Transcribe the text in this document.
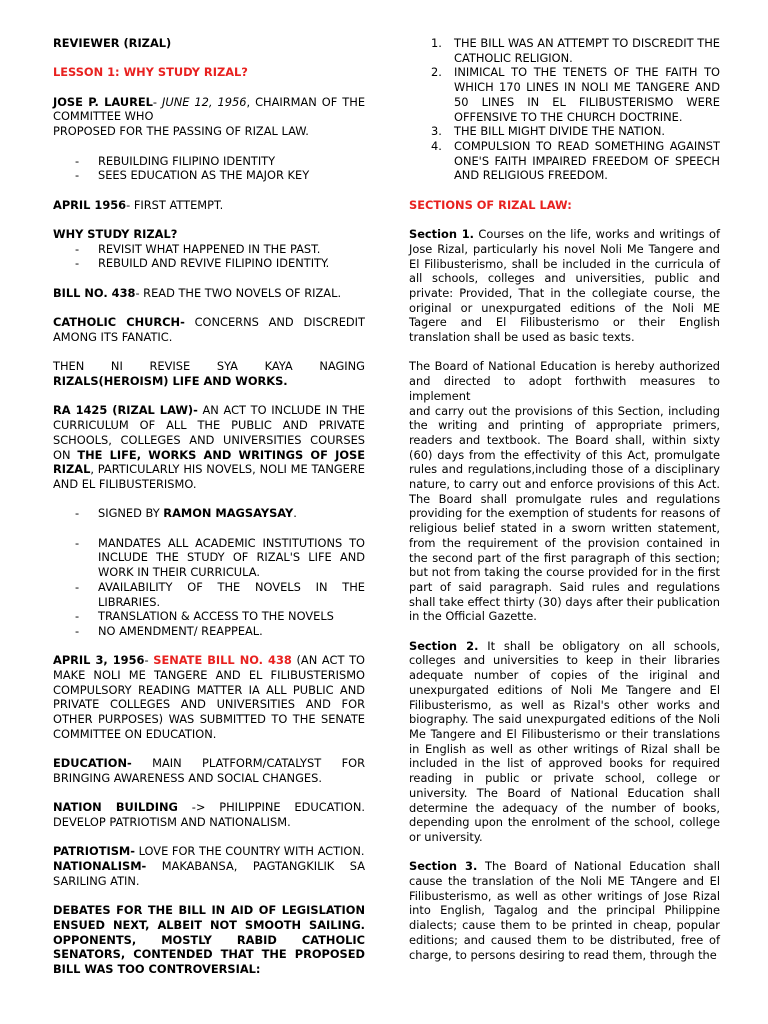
REVIEWER (RIZAL)

LESSON 1: WHY STUDY RIZAL?

JOSE P. LAUREL- JUNE 12, 1956, CHAIRMAN OF THE COMMITTEE WHO

PROPOSED FOR THE PASSING OF RIZAL LAW.

- REBUILDING FILIPINO IDENTITY
- SEES EDUCATION AS THE MAJOR KEY

APRIL 1956- FIRST ATTEMPT.

WHY STUDY RIZAL?

- REVISIT WHAT HAPPENED IN THE PAST.
- REBUILD AND REVIVE FILIPINO IDENTITY.

BILL NO. 438- READ THE TWO NOVELS OF RIZAL.

CATHOLIC CHURCH- CONCERNS AND DISCREDIT AMONG ITS FANATIC.

THEN NI REVISE SYA KAYA NAGING RIZALS(HEROISM) LIFE AND WORKS.

RA 1425 (RIZAL LAW)- AN ACT TO INCLUDE IN THE CURRICULUM OF ALL THE PUBLIC AND PRIVATE SCHOOLS, COLLEGES AND UNIVERSITIES COURSES ON THE LIFE, WORKS AND WRITINGS OF JOSE RIZAL, PARTICULARLY HIS NOVELS, NOLI ME TANGERE AND EL FILIBUSTERISMO.

- SIGNED BY RAMON MAGSAYSAY.
- MANDATES ALL ACADEMIC INSTITUTIONS TO INCLUDE THE STUDY OF RIZAL'S LIFE AND WORK IN THEIR CURRICULA.
- AVAILABILITY OF THE NOVELS IN THE LIBRARIES.
- TRANSLATION & ACCESS TO THE NOVELS
- NO AMENDMENT/ REAPPEAL.

APRIL 3, 1956- SENATE BILL NO. 438 (AN ACT TO MAKE NOLI ME TANGERE AND EL FILIBUSTERISMO COMPULSORY READING MATTER IA ALL PUBLIC AND PRIVATE COLLEGES AND UNIVERSITIES AND FOR OTHER PURPOSES) WAS SUBMITTED TO THE SENATE COMMITTEE ON EDUCATION.

EDUCATION- MAIN PLATFORM/CATALYST FOR BRINGING AWARENESS AND SOCIAL CHANGES.

NATION BUILDING -> PHILIPPINE EDUCATION. DEVELOP PATRIOTISM AND NATIONALISM.

PATRIOTISM- LOVE FOR THE COUNTRY WITH ACTION.

NATIONALISM- MAKABANSA, PAGTANGKILIK SA SARILING ATIN.

DEBATES FOR THE BILL IN AID OF LEGISLATION ENSUED NEXT, ALBEIT NOT SMOOTH SAILING. OPPONENTS, MOSTLY RABID CATHOLIC SENATORS, CONTENDED THAT THE PROPOSED BILL WAS TOO CONTROVERSIAL:

1. THE BILL WAS AN ATTEMPT TO DISCREDIT THE CATHOLIC RELIGION.
2. INIMICAL TO THE TENETS OF THE FAITH TO WHICH 170 LINES IN NOLI ME TANGERE AND 50 LINES IN EL FILIBUSTERISMO WERE OFFENSIVE TO THE CHURCH DOCTRINE.
3. THE BILL MIGHT DIVIDE THE NATION.
4. COMPULSION TO READ SOMETHING AGAINST ONE'S FAITH IMPAIRED FREEDOM OF SPEECH AND RELIGIOUS FREEDOM.

SECTIONS OF RIZAL LAW:

Section 1. Courses on the life, works and writings of Jose Rizal, particularly his novel Noli Me Tangere and El Filibusterismo, shall be included in the curricula of all schools, colleges and universities, public and private: Provided, That in the collegiate course, the original or unexpurgated editions of the Noli ME Tagere and El Filibusterismo or their English translation shall be used as basic texts.

The Board of National Education is hereby authorized and directed to adopt forthwith measures to implement

and carry out the provisions of this Section, including the writing and printing of appropriate primers, readers and textbook. The Board shall, within sixty (60) days from the effectivity of this Act, promulgate rules and regulations,including those of a disciplinary nature, to carry out and enforce provisions of this Act. The Board shall promulgate rules and regulations providing for the exemption of students for reasons of religious belief stated in a sworn written statement, from the requirement of the provision contained in the second part of the first paragraph of this section; but not from taking the course provided for in the first part of said paragraph. Said rules and regulations shall take effect thirty (30) days after their publication in the Official Gazette.

Section 2. It shall be obligatory on all schools, colleges and universities to keep in their libraries adequate number of copies of the iriginal and unexpurgated editions of Noli Me Tangere and El Filibusterismo, as well as Rizal's other works and biography. The said unexpurgated editions of the Noli Me Tangere and El Filibusterismo or their translations in English as well as other writings of Rizal shall be included in the list of approved books for required reading in public or private school, college or university. The Board of National Education shall determine the adequacy of the number of books, depending upon the enrolment of the school, college or university.

Section 3. The Board of National Education shall cause the translation of the Noli ME TAngere and El Filibusterismo, as well as other writings of Jose Rizal into English, Tagalog and the principal Philippine dialects; cause them to be printed in cheap, popular editions; and caused them to be distributed, free of charge, to persons desiring to read them, through the
